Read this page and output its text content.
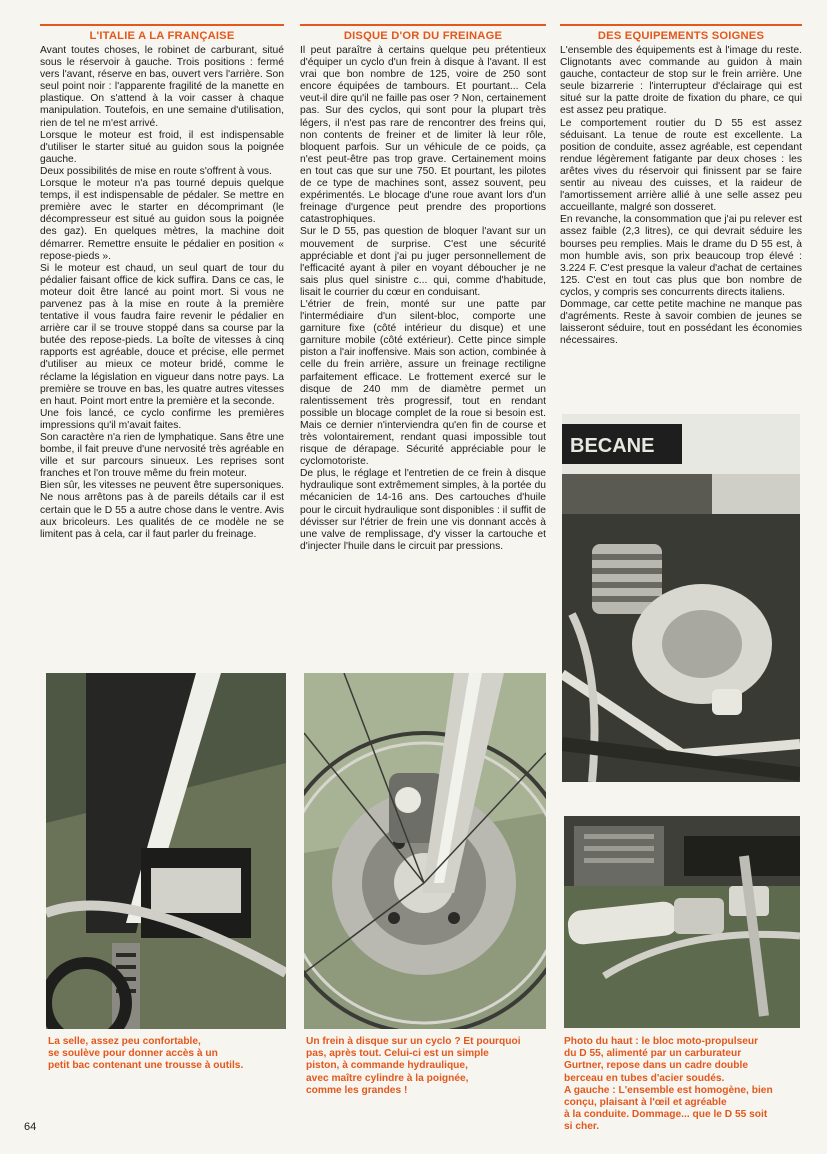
L'ITALIE A LA FRANÇAISE

Avant toutes choses, le robinet de carburant, situé sous le réservoir à gauche. Trois positions : fermé vers l'avant, réserve en bas, ouvert vers l'arrière. Son seul point noir : l'apparente fragilité de la manette en plastique. On s'attend à la voir casser à chaque manipulation. Toutefois, en une semaine d'utilisation, rien de tel ne m'est arrivé.
Lorsque le moteur est froid, il est indispensable d'utiliser le starter situé au guidon sous la poignée gauche.
Deux possibilités de mise en route s'offrent à vous.
Lorsque le moteur n'a pas tourné depuis quelque temps, il est indispensable de pédaler. Se mettre en première avec le starter en décomprimant (le décompresseur est situé au guidon sous la poignée des gaz). En quelques mètres, la machine doit démarrer. Remettre ensuite le pédalier en position « repose-pieds ».
Si le moteur est chaud, un seul quart de tour du pédalier faisant office de kick suffira. Dans ce cas, le moteur doit être lancé au point mort. Si vous ne parvenez pas à la mise en route à la première tentative il vous faudra faire revenir le pédalier en arrière car il se trouve stoppé dans sa course par la butée des repose-pieds. La boîte de vitesses à cinq rapports est agréable, douce et précise, elle permet d'utiliser au mieux ce moteur bridé, comme le réclame la législation en vigueur dans notre pays. La première se trouve en bas, les quatre autres vitesses en haut. Point mort entre la première et la seconde.
Une fois lancé, ce cyclo confirme les premières impressions qu'il m'avait faites.
Son caractère n'a rien de lymphatique. Sans être une bombe, il fait preuve d'une nervosité très agréable en ville et sur parcours sinueux. Les reprises sont franches et l'on trouve même du frein moteur.
Bien sûr, les vitesses ne peuvent être supersoniques. Ne nous arrêtons pas à de pareils détails car il est certain que le D 55 a autre chose dans le ventre. Avis aux bricoleurs. Les qualités de ce modèle ne se limitent pas à cela, car il faut parler du freinage.

DISQUE D'OR DU FREINAGE

Il peut paraître à certains quelque peu prétentieux d'équiper un cyclo d'un frein à disque à l'avant. Il est vrai que bon nombre de 125, voire de 250 sont encore équipées de tambours. Et pourtant... Cela veut-il dire qu'il ne faille pas oser ? Non, certainement pas. Sur des cyclos, qui sont pour la plupart très légers, il n'est pas rare de rencontrer des freins qui, non contents de freiner et de limiter là leur rôle, bloquent parfois. Sur un véhicule de ce poids, ça n'est peut-être pas trop grave. Certainement moins en tout cas que sur une 750. Et pourtant, les pilotes de ce type de machines sont, assez souvent, peu expérimentés. Le blocage d'une roue avant lors d'un freinage d'urgence peut prendre des proportions catastrophiques.
Sur le D 55, pas question de bloquer l'avant sur un mouvement de surprise. C'est une sécurité appréciable et dont j'ai pu juger personnellement de l'efficacité ayant à piler en voyant déboucher je ne sais plus quel sinistre c... qui, comme d'habitude, lisait le courrier du cœur en conduisant.
L'étrier de frein, monté sur une patte par l'intermédiaire d'un silent-bloc, comporte une garniture fixe (côté intérieur du disque) et une garniture mobile (côté extérieur). Cette pince simple piston a l'air inoffensive. Mais son action, combinée à celle du frein arrière, assure un freinage rectiligne parfaitement efficace. Le frottement exercé sur le disque de 240 mm de diamètre permet un ralentissement très progressif, tout en rendant possible un blocage complet de la roue si besoin est. Mais ce dernier n'interviendra qu'en fin de course et très volontairement, rendant quasi impossible tout risque de dérapage. Sécurité appréciable pour le cyclomotoriste.
De plus, le réglage et l'entretien de ce frein à disque hydraulique sont extrêmement simples, à la portée du mécanicien de 14-16 ans. Des cartouches d'huile pour le circuit hydraulique sont disponibles : il suffit de dévisser sur l'étrier de frein une vis donnant accès à une valve de remplissage, d'y visser la cartouche et d'injecter l'huile dans le circuit par pressions.

DES EQUIPEMENTS SOIGNES

L'ensemble des équipements est à l'image du reste. Clignotants avec commande au guidon à main gauche, contacteur de stop sur le frein arrière. Une seule bizarrerie : l'interrupteur d'éclairage qui est situé sur la patte droite de fixation du phare, ce qui est assez peu pratique.
Le comportement routier du D 55 est assez séduisant. La tenue de route est excellente. La position de conduite, assez agréable, est cependant rendue légèrement fatigante par deux choses : les arêtes vives du réservoir qui finissent par se faire sentir au niveau des cuisses, et la raideur de l'amortissement arrière allié à une selle assez peu accueillante, malgré son dosseret.
En revanche, la consommation que j'ai pu relever est assez faible (2,3 litres), ce qui devrait séduire les bourses peu remplies. Mais le drame du D 55 est, à mon humble avis, son prix beaucoup trop élevé : 3.224 F. C'est presque la valeur d'achat de certaines 125. C'est en tout cas plus que bon nombre de cyclos, y compris ses concurrents directs italiens.
Dommage, car cette petite machine ne manque pas d'agréments. Reste à savoir combien de jeunes se laisseront séduire, tout en possédant les économies nécessaires.

BECANE

La selle, assez peu confortable,
se soulève pour donner accès à un
petit bac contenant une trousse à outils.

Un frein à disque sur un cyclo ? Et pourquoi
pas, après tout. Celui-ci est un simple
piston, à commande hydraulique,
avec maître cylindre à la poignée,
comme les grandes !

Photo du haut : le bloc moto-propulseur
du D 55, alimenté par un carburateur
Gurtner, repose dans un cadre double
berceau en tubes d'acier soudés.
A gauche : L'ensemble est homogène, bien
conçu, plaisant à l'œil et agréable
à la conduite. Dommage... que le D 55 soit
si cher.

64
